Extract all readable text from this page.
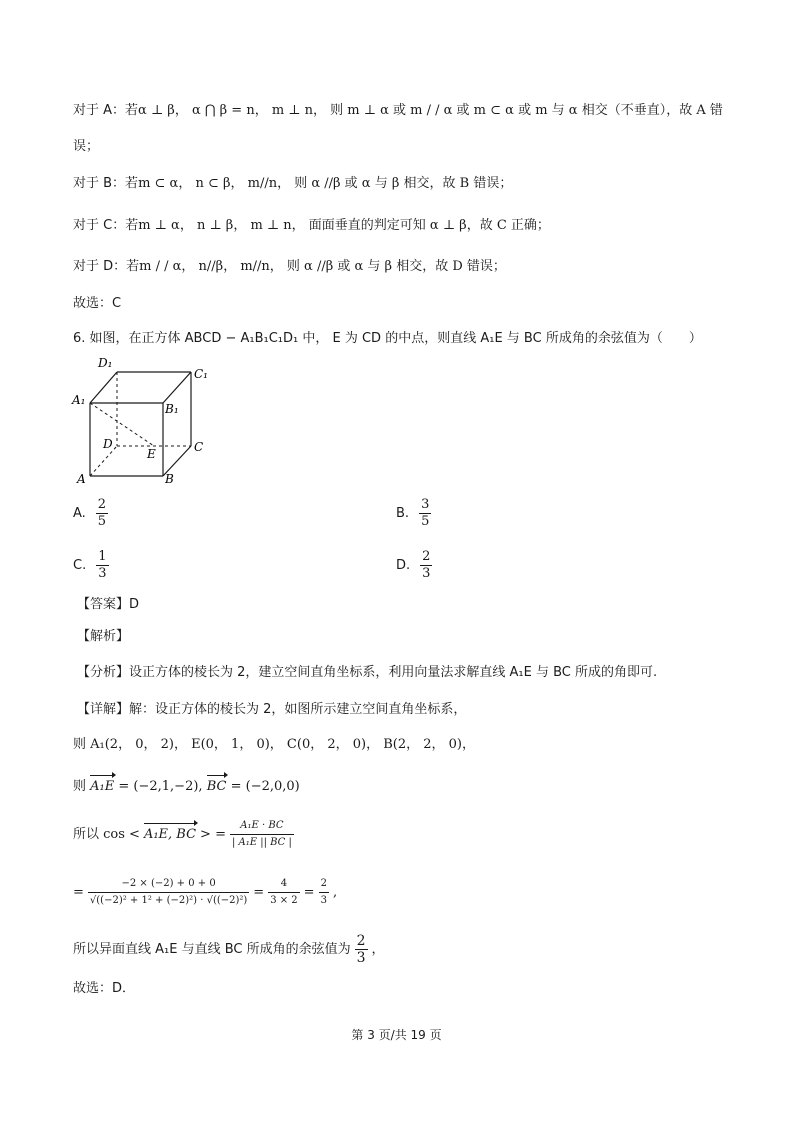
对于 A：若α ⊥ β， α ⋂ β = n， m ⊥ n， 则 m ⊥ α 或 m / / α 或 m ⊂ α 或 m 与 α 相交（不垂直），故 A 错
误；
对于 B：若m ⊂ α， n ⊂ β， m//n， 则 α //β 或 α 与 β 相交，故 B 错误；
对于 C：若m ⊥ α， n ⊥ β， m ⊥ n， 面面垂直的判定可知 α ⊥ β，故 C 正确；
对于 D：若m / / α， n//β， m//n， 则 α //β 或 α 与 β 相交，故 D 错误；
故选：C
6. 如图，在正方体 ABCD − A₁B₁C₁D₁ 中， E 为 CD 的中点，则直线 A₁E 与 BC 所成角的余弦值为（　　）
D₁
C₁
A₁
B₁
D
E	C
A	B
A. $\frac{2}{5}$	B. $\frac{3}{5}$
C. $\frac{1}{3}$	D. $\frac{2}{3}$
【答案】D
【解析】
【分析】设正方体的棱长为 2，建立空间直角坐标系，利用向量法求解直线 A₁E 与 BC 所成的角即可.
【详解】解：设正方体的棱长为 2，如图所示建立空间直角坐标系，
则 A₁(2， 0， 2)， E(0， 1， 0)， C(0， 2， 0)， B(2， 2， 0)，
则 A₁E = (−2,1,−2), BC = (−2,0,0)
所以 cos < A₁E, BC > = $\frac{\text{A₁E · BC}}{\text{| A₁E || BC |}}$
= $\frac{-2 \times (-2) + 0 + 0}{\text{√((−2)² + 1² + (−2)²) · √((−2)²)}} = \frac{4}{3 \times 2} = \frac{2}{3}$ ,
所以异面直线 A₁E 与直线 BC 所成角的余弦值为 $\frac{2}{3}$ ，
故选：D．
第 3 页/共 19 页
